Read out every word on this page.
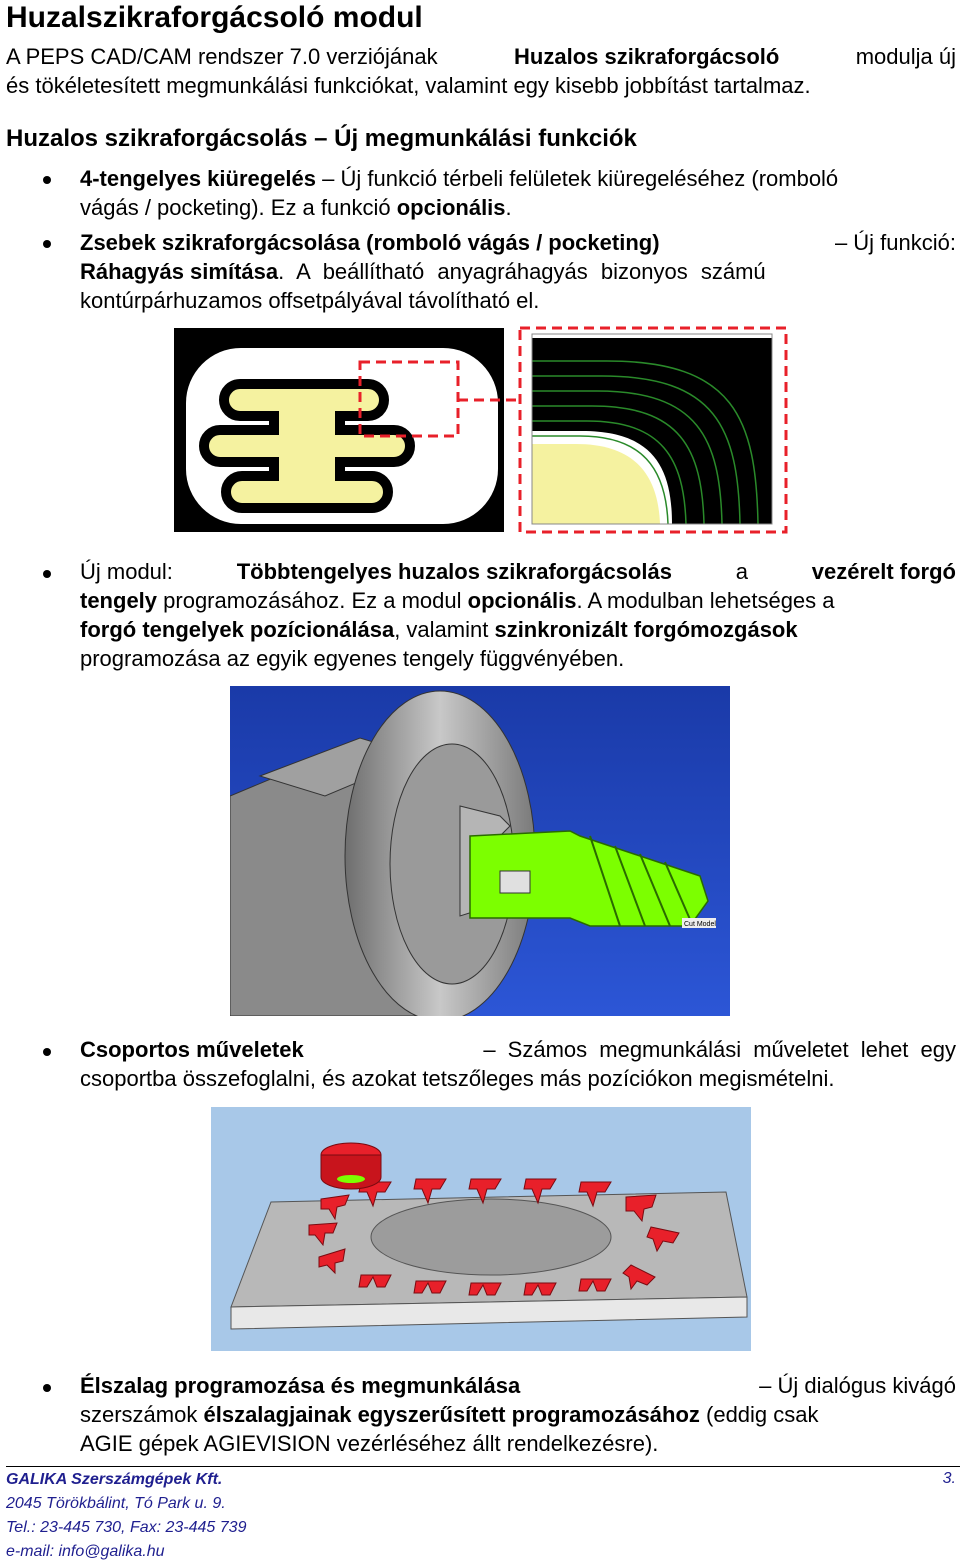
Huzalszikraforgácsoló modul

A PEPS CAD/CAM rendszer 7.0 verziójának	Huzalos szikraforgácsoló	modulja új

és tökéletesített megmunkálási funkciókat, valamint egy kisebb jobbítást tartalmaz.

Huzalos szikraforgácsolás – Új megmunkálási funkciók
4-tengelyes kiüregelés – Új funkció térbeli felületek kiüregeléséhez (romboló
vágás / pocketing). Ez a funkció opcionális .
Zsebek szikraforgácsolása (romboló vágás / pocketing)	– Új funkció:
Ráhagyás simítása . A beállítható anyagráhagyás bizonyos számú
kontúrpárhuzamos offsetpályával távolítható el.
Új modul:	Többtengelyes huzalos szikraforgácsolás	a	vezérelt forgó
tengely programozásához. Ez a modul opcionális . A modulban lehetséges a
forgó tengelyek pozícionálása , valamint szinkronizált forgómozgások
programozása az egyik egyenes tengely függvényében.
Cut Model
Csoportos műveletek	– Számos megmunkálási műveletet lehet egy
csoportba összefoglalni, és azokat tetszőleges más pozíciókon megismételni.
Élszalag programozása és megmunkálása	– Új dialógus kivágó
szerszámok élszalagjainak egyszerűsített programozásához (eddig csak
AGIE gépek AGIEVISION vezérléséhez állt rendelkezésre).
GALIKA Szerszámgépek Kft.	3.
2045 Törökbálint, Tó Park u. 9.
Tel.: 23-445 730, Fax: 23-445 739
e-mail: info@galika.hu
